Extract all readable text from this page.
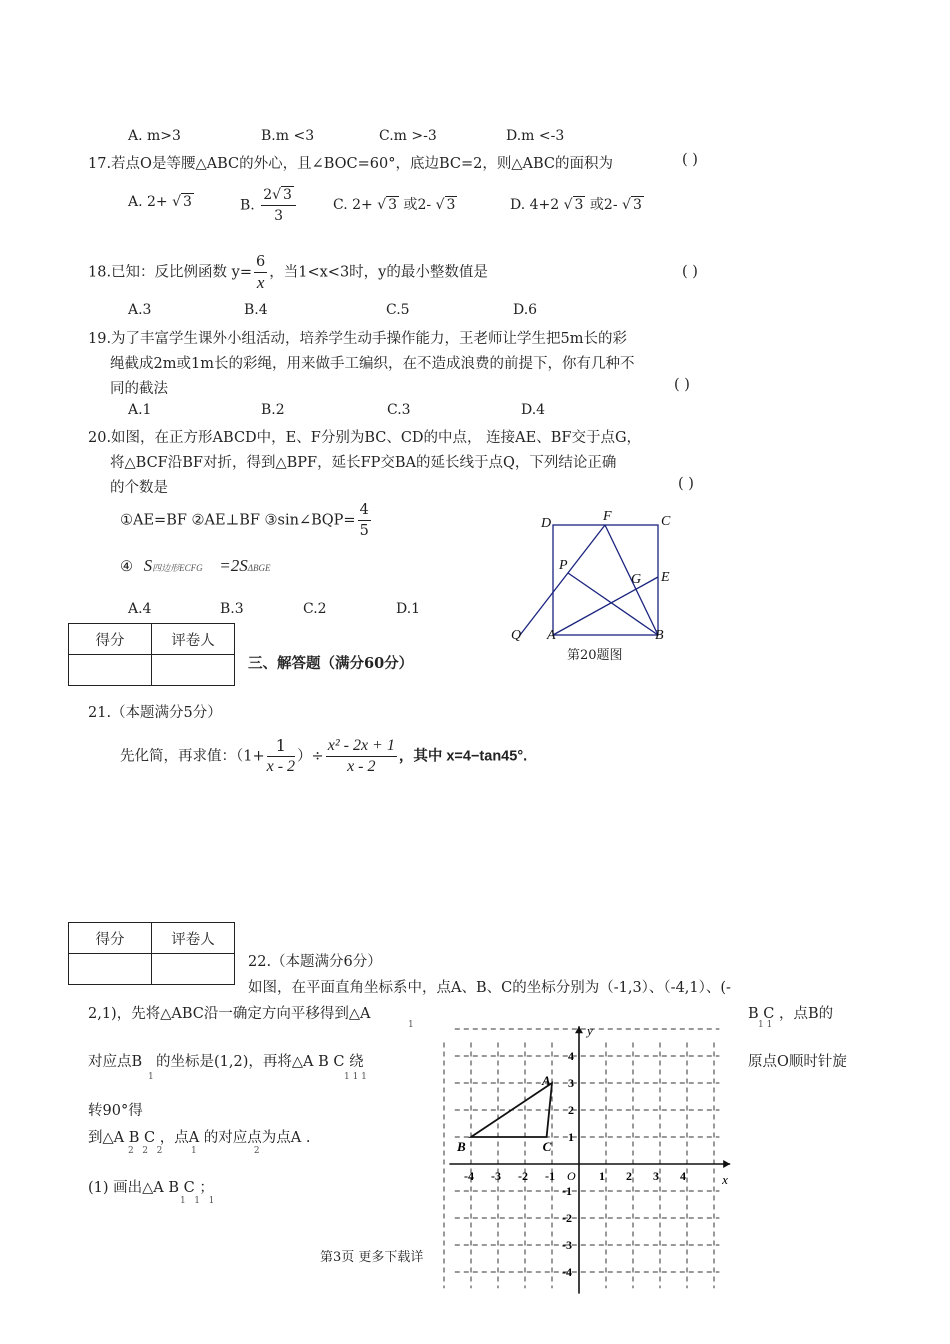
A. m>3	B.m <3	C.m >-3	D.m <-3
17.若点O是等腰△ABC的外心，且∠BOC=60°，底边BC=2，则△ABC的面积为	( )
A. 2+ √ 3	B. $\frac{2√ 3}{3}$	C. 2+ √ 3 或2- √ 3	D. 4+2 √ 3 或2- √ 3
18.已知：反比例函数 $y= \frac{6}{x}$ ，当1<x<3时，y的最小整数值是	( )
A.3	B.4	C.5	D.6
19.为了丰富学生课外小组活动，培养学生动手操作能力，王老师让学生把5m长的彩
绳截成2m或1m长的彩绳，用来做手工编织，在不造成浪费的前提下，你有几种不
同的截法	( )
A.1	B.2	C.3	D.4
20.如图，在正方形ABCD中，E、F分别为BC、CD的中点， 连接AE、BF交于点G，
将△BCF沿BF对折，得到△BPF，延长FP交BA的延长线于点Q，下列结论正确
的个数是	( )
①AE=BF ②AE⊥BF ③sin∠BQP= $\frac{4}{5}$
④ S四边形ECFG =2SΔBGE
A.4	B.3	C.2	D.1
D	F	C
P
G E
Q A	B
第20题图
得分	评卷人

三、解答题（满分60分）
21.（本题满分5分）
先化简，再求值：（$1+ \frac{1}{x - 2}$ ）÷ $\frac{\text{x² - 2x + 1}}{x - 2}$ ，其中 x=4−tan45°.
得分	评卷人

22.（本题满分6分）
如图，在平面直角坐标系中，点A、B、C的坐标分别为（-1,3）、（-4,1）、(-
2,1)，先将△ABC沿一确定方向平移得到△A
1
B C ，点B的
1 1
对应点B
1
的坐标是(1,2)，再将△A B C 绕
1 1 1
原点O顺时针旋
转90°得
到△A B C ，点A 的对应点为点A .
2   2   2          1                    2
(1) 画出△A B C ；
1   1   1
-4 -3 -2 -1	1 2 3 4
4
3
2
1
-1
-2
-3
-4
O	x
y
A
B	C
第3页 更多下载详
